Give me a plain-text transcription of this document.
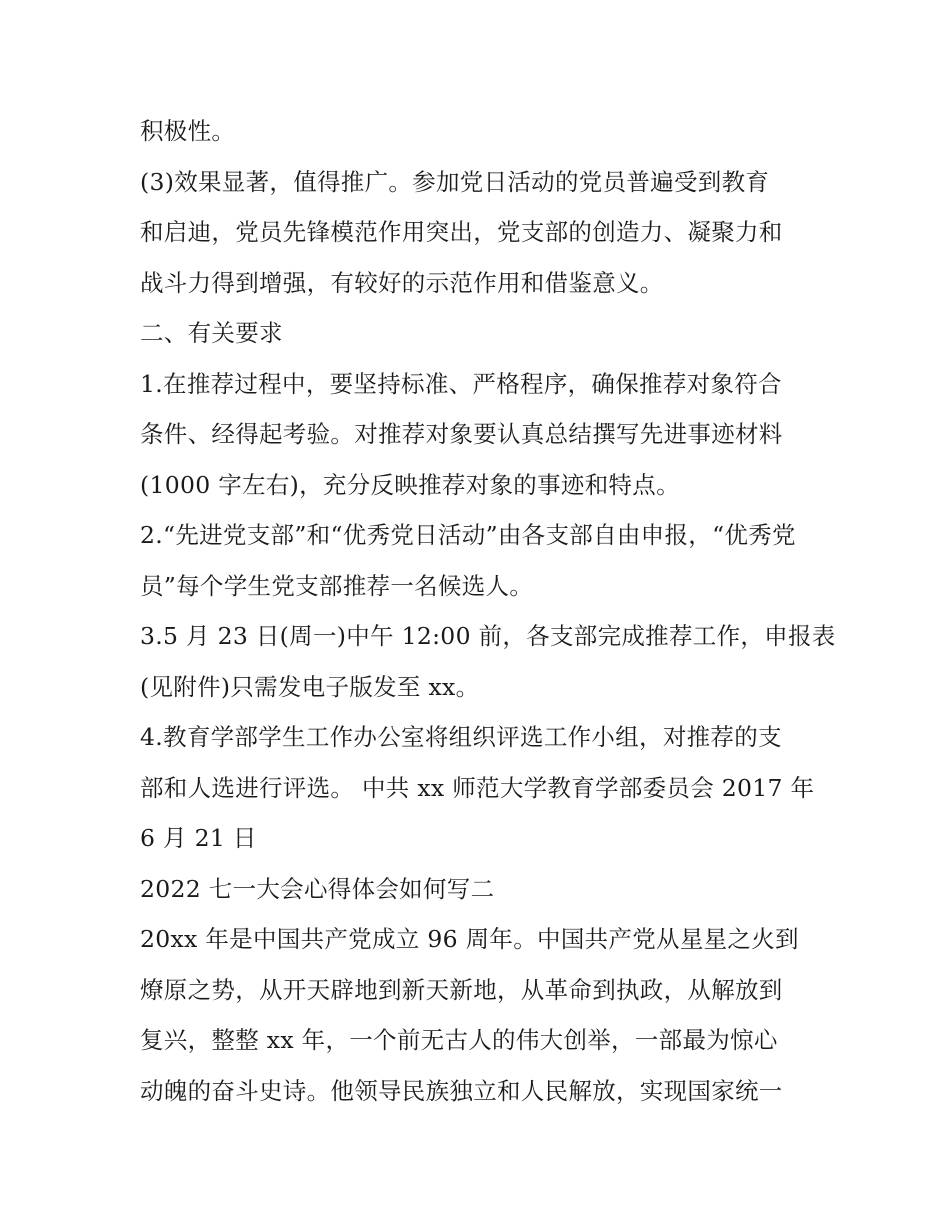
积极性。
(3)效果显著，值得推广。参加党日活动的党员普遍受到教育
和启迪，党员先锋模范作用突出，党支部的创造力、凝聚力和
战斗力得到增强，有较好的示范作用和借鉴意义。
二、有关要求
1.在推荐过程中，要坚持标准、严格程序，确保推荐对象符合
条件、经得起考验。对推荐对象要认真总结撰写先进事迹材料
(1000 字左右)，充分反映推荐对象的事迹和特点。
2.“先进党支部”和“优秀党日活动”由各支部自由申报，“优秀党
员”每个学生党支部推荐一名候选人。
3.5 月 23 日(周一)中午 12:00 前，各支部完成推荐工作，申报表
(见附件)只需发电子版发至 xx。
4.教育学部学生工作办公室将组织评选工作小组，对推荐的支
部和人选进行评选。 中共 xx 师范大学教育学部委员会 2017 年
6 月 21 日
2022 七一大会心得体会如何写二
20xx 年是中国共产党成立 96 周年。中国共产党从星星之火到
燎原之势，从开天辟地到新天新地，从革命到执政，从解放到
复兴，整整 xx 年，一个前无古人的伟大创举，一部最为惊心
动魄的奋斗史诗。他领导民族独立和人民解放，实现国家统一
